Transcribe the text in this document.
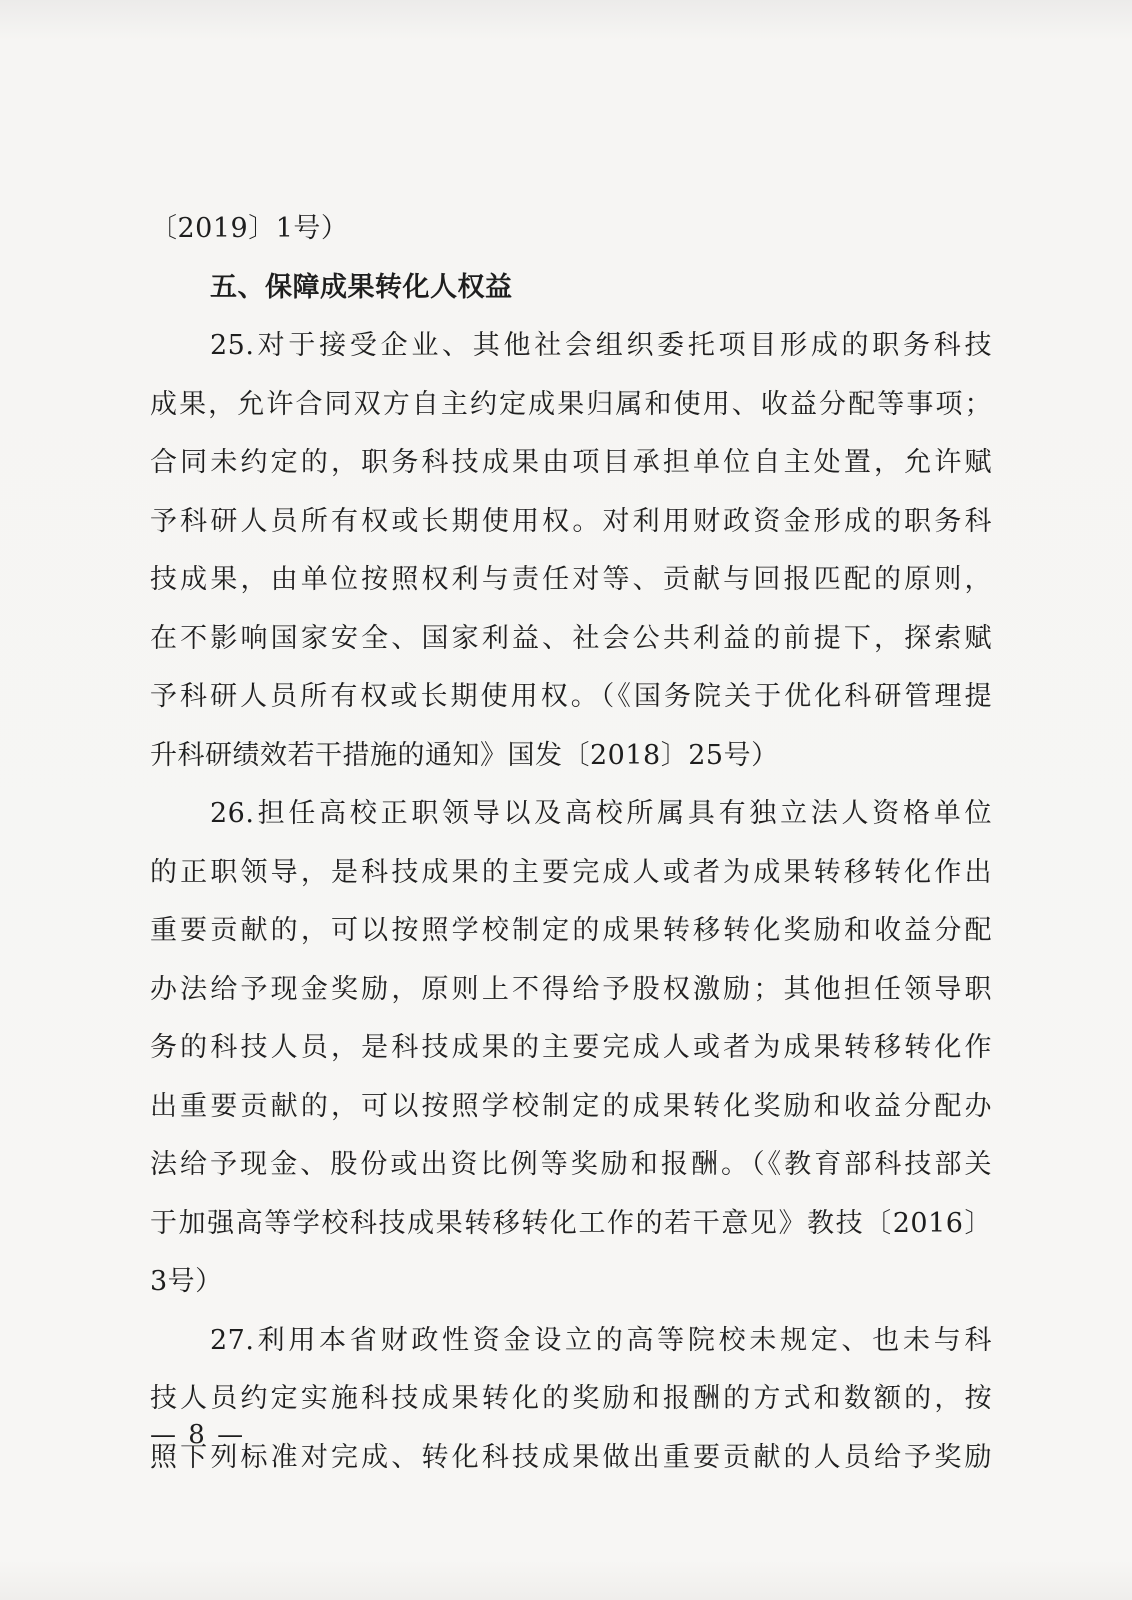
〔2019〕1号）
五、保障成果转化人权益
25.对于接受企业、其他社会组织委托项目形成的职务科技
成果，允许合同双方自主约定成果归属和使用、收益分配等事项；
合同未约定的，职务科技成果由项目承担单位自主处置，允许赋
予科研人员所有权或长期使用权。对利用财政资金形成的职务科
技成果，由单位按照权利与责任对等、贡献与回报匹配的原则，
在不影响国家安全、国家利益、社会公共利益的前提下，探索赋
予科研人员所有权或长期使用权。（《国务院关于优化科研管理提
升科研绩效若干措施的通知》国发〔2018〕25号）
26.担任高校正职领导以及高校所属具有独立法人资格单位
的正职领导，是科技成果的主要完成人或者为成果转移转化作出
重要贡献的，可以按照学校制定的成果转移转化奖励和收益分配
办法给予现金奖励，原则上不得给予股权激励；其他担任领导职
务的科技人员，是科技成果的主要完成人或者为成果转移转化作
出重要贡献的，可以按照学校制定的成果转化奖励和收益分配办
法给予现金、股份或出资比例等奖励和报酬。（《教育部科技部关
于加强高等学校科技成果转移转化工作的若干意见》教技〔2016〕
3号）
27.利用本省财政性资金设立的高等院校未规定、也未与科
技人员约定实施科技成果转化的奖励和报酬的方式和数额的，按
照下列标准对完成、转化科技成果做出重要贡献的人员给予奖励
— 8 —
